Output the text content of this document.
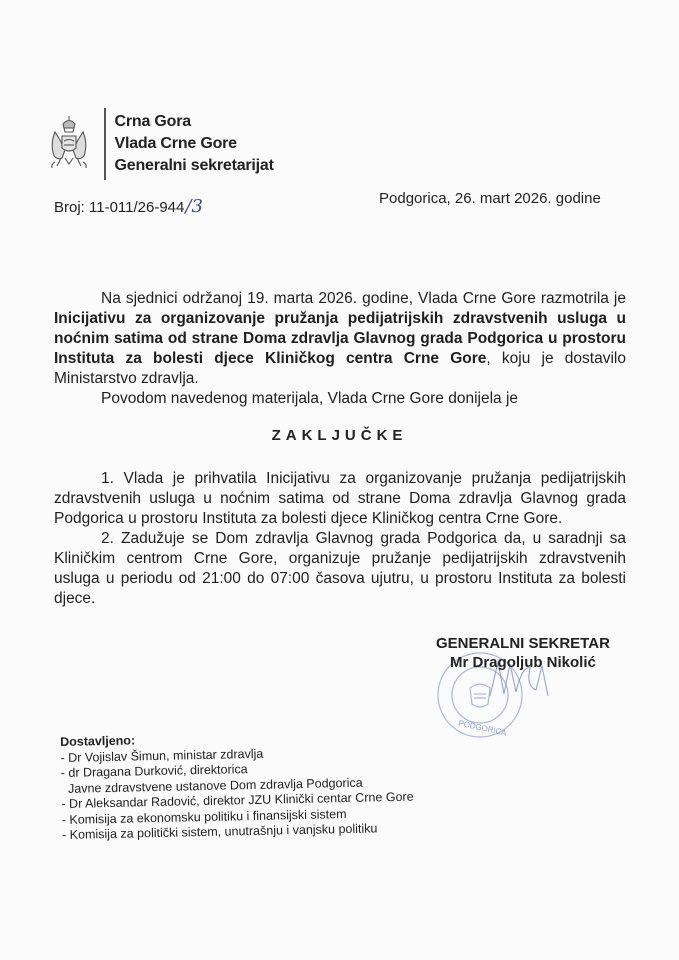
Crna Gora
Vlada Crne Gore
Generalni sekretarijat
Broj: 11-011/26-944/3	Podgorica, 26. mart 2026. godine
Na sjednici održanoj 19. marta 2026. godine, Vlada Crne Gore razmotrila je Inicijativu za organizovanje pružanja pedijatrijskih zdravstvenih usluga u noćnim satima od strane Doma zdravlja Glavnog grada Podgorica u prostoru Instituta za bolesti djece Kliničkog centra Crne Gore, koju je dostavilo Ministarstvo zdravlja.
Povodom navedenog materijala, Vlada Crne Gore donijela je
ZAKLJUČKE
1. Vlada je prihvatila Inicijativu za organizovanje pružanja pedijatrijskih zdravstvenih usluga u noćnim satima od strane Doma zdravlja Glavnog grada Podgorica u prostoru Instituta za bolesti djece Kliničkog centra Crne Gore.
2. Zadužuje se Dom zdravlja Glavnog grada Podgorica da, u saradnji sa Kliničkim centrom Crne Gore, organizuje pružanje pedijatrijskih zdravstvenih usluga u periodu od 21:00 do 07:00 časova ujutru, u prostoru Instituta za bolesti djece.
PODGORICA
GENERALNI SEKRETAR
Mr Dragoljub Nikolić
Dostavljeno:
- Dr Vojislav Šimun, ministar zdravlja
- dr Dragana Durković, direktorica
Javne zdravstvene ustanove Dom zdravlja Podgorica
- Dr Aleksandar Radović, direktor JZU Klinički centar Crne Gore
- Komisija za ekonomsku politiku i finansijski sistem
- Komisija za politički sistem, unutrašnju i vanjsku politiku
